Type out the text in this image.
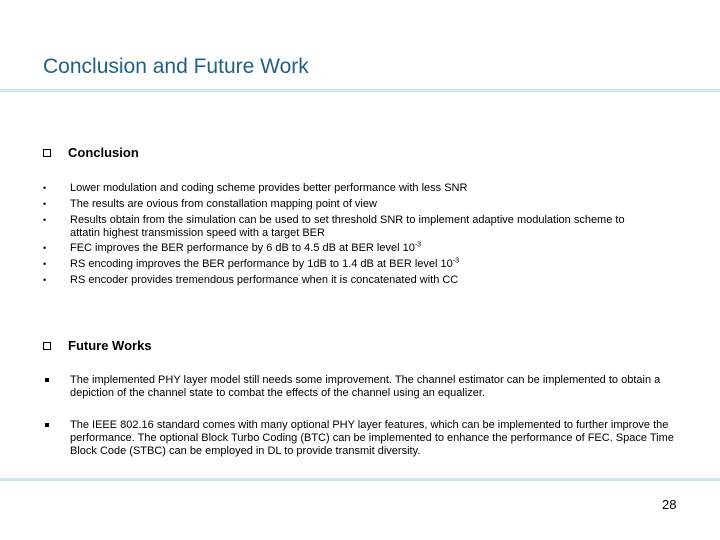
Conclusion and Future Work
Conclusion
•	Lower modulation and coding scheme provides better performance with less SNR
•	The results are ovious from constallation mapping point of view
•	Results obtain from the simulation can be used to set threshold SNR to implement adaptive modulation scheme to
attatin highest transmission speed with a target BER
•	FEC improves the BER performance by 6 dB to 4.5 dB at BER level $10^{-3}$
•	RS encoding improves the BER performance by 1dB to 1.4 dB at BER level $10^{-3}$
•	RS encoder provides tremendous performance when it is concatenated with CC
Future Works
The implemented PHY layer model still needs some improvement. The channel estimator can be implemented to obtain a depiction of the channel state to combat the effects of the channel using an equalizer.
The IEEE 802.16 standard comes with many optional PHY layer features, which can be implemented to further improve the performance. The optional Block Turbo Coding (BTC) can be implemented to enhance the performance of FEC. Space Time Block Code (STBC) can be employed in DL to provide transmit diversity.
28
